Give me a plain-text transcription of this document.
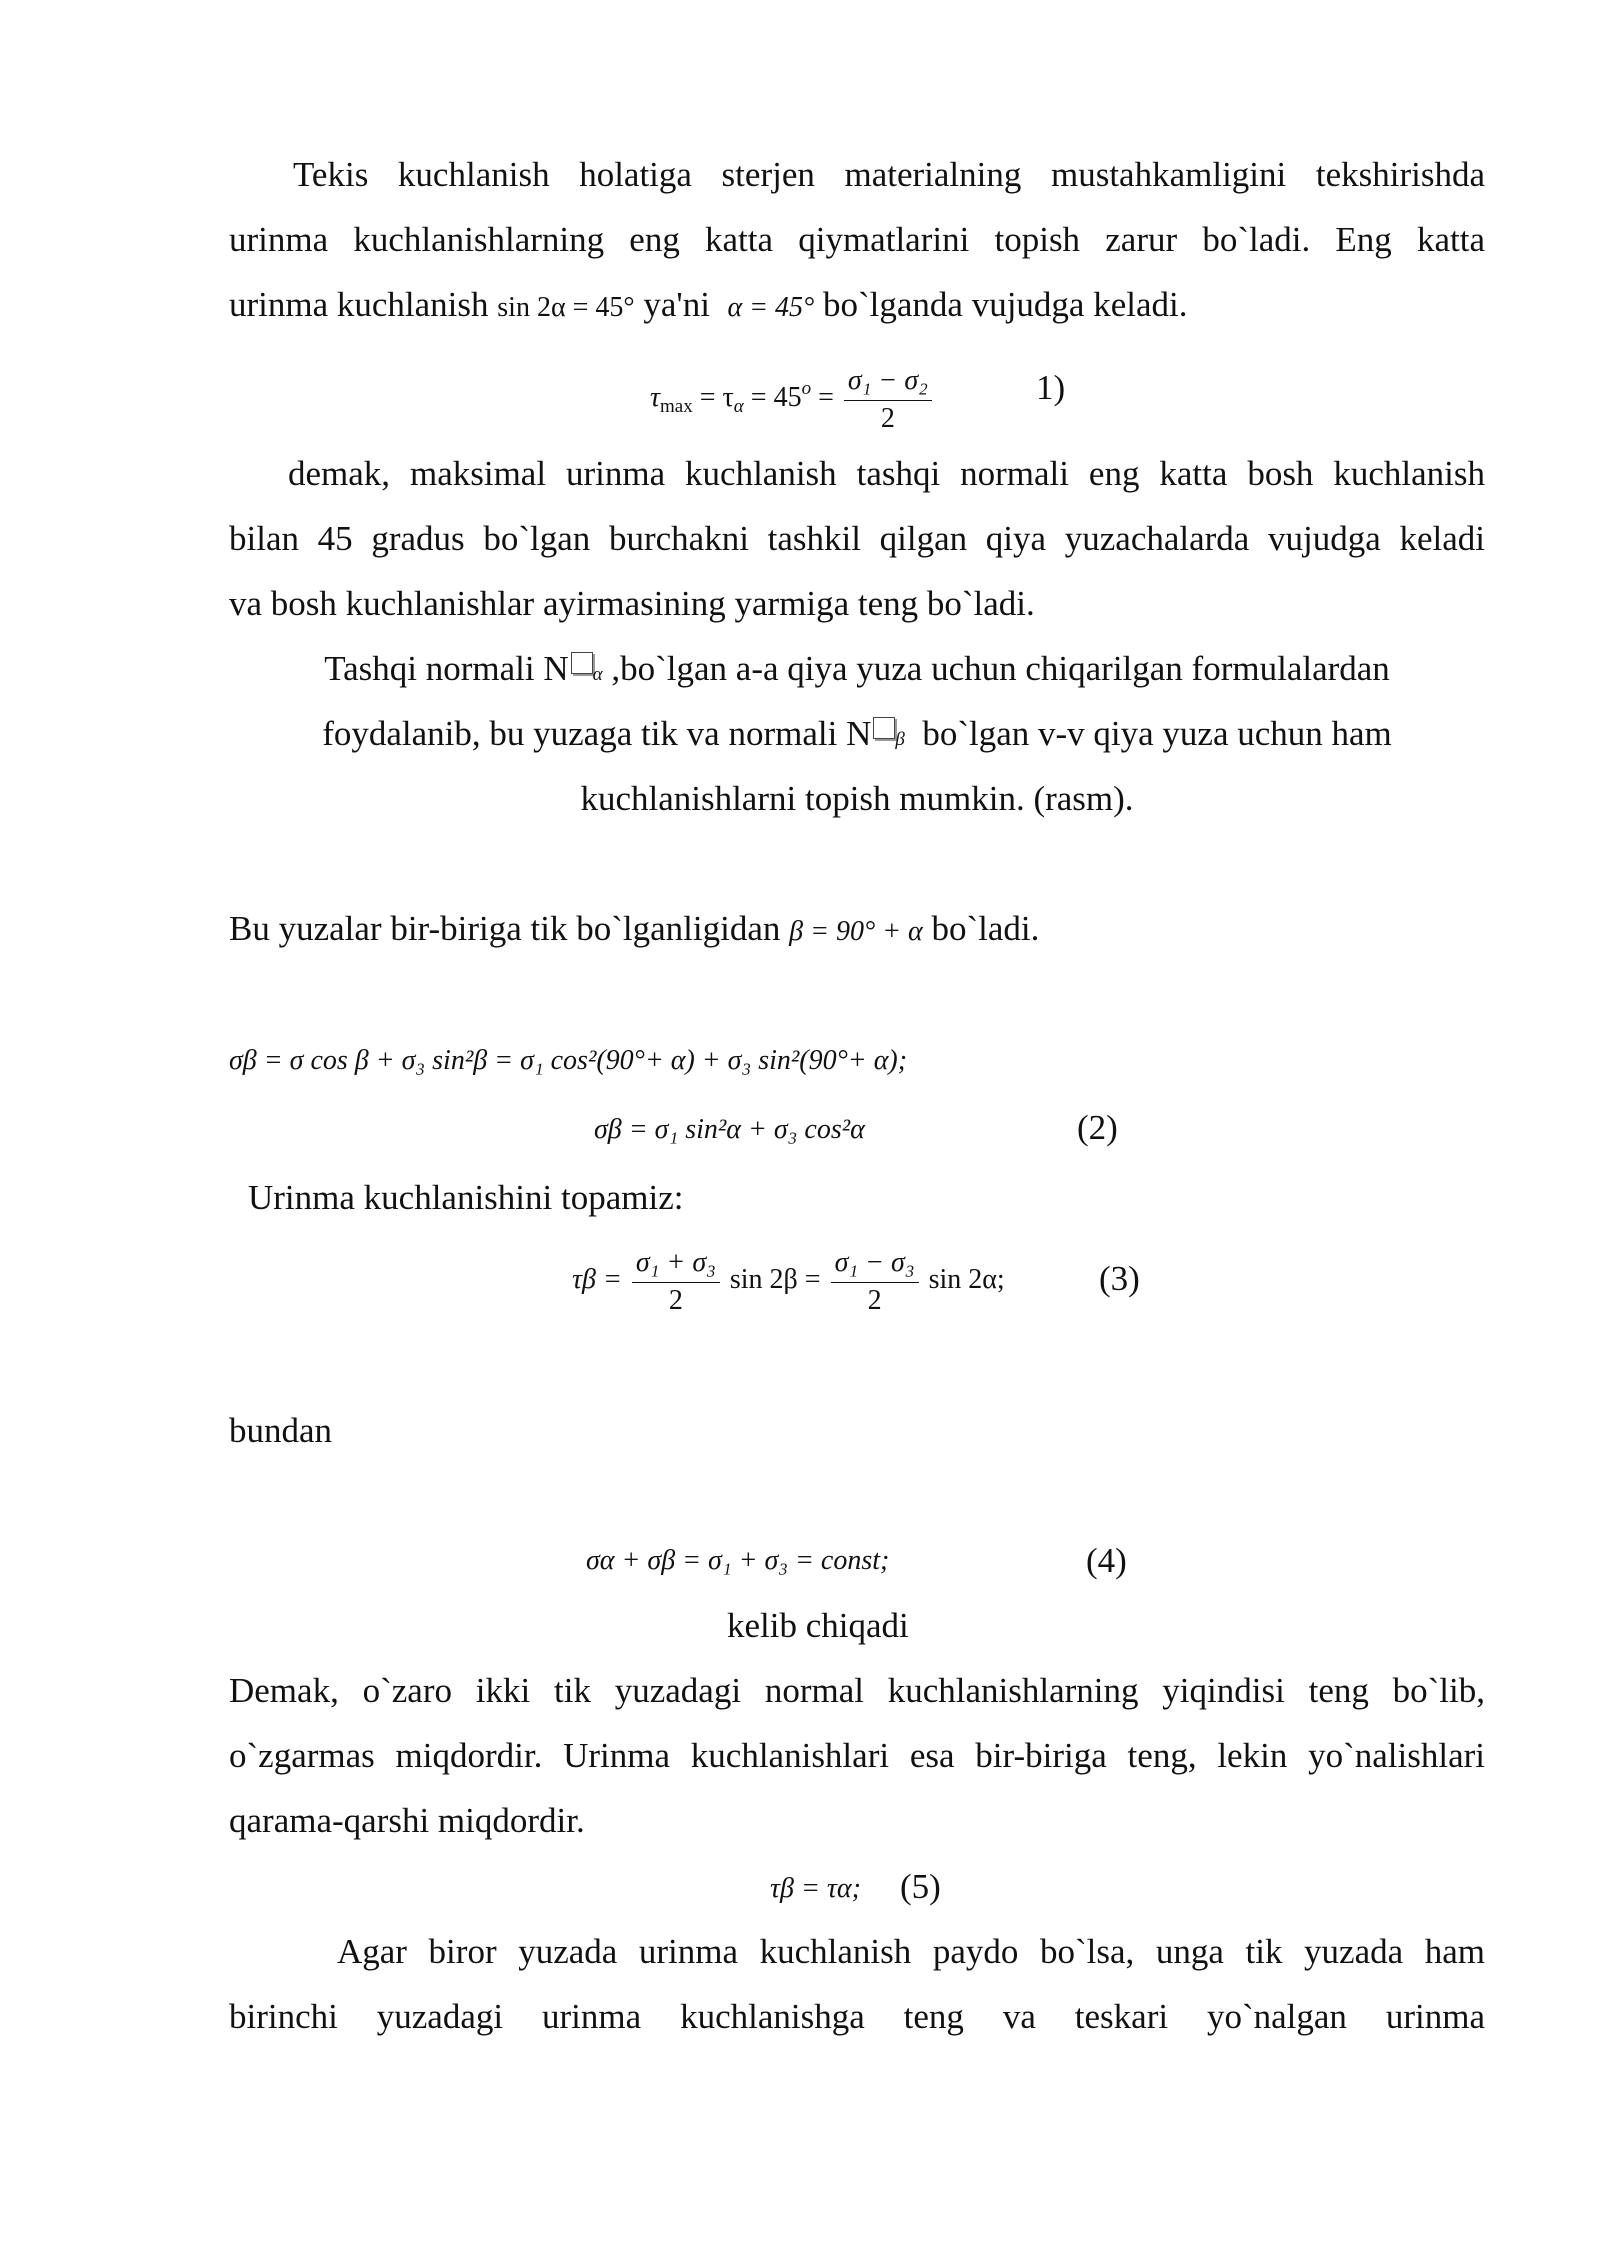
Tekis kuchlanish holatiga sterjen materialning mustahkamligini tekshirishda
urinma kuchlanishlarning eng katta qiymatlarini topish zarur bo`ladi. Eng katta
urinma kuchlanish sin 2α = 45° ya'ni α = 45° bo`lganda vujudga keladi.
$\tau_{max} = \tau_\alpha = 45^o = \frac{\text{σ₁ − σ₂}}{2}$	1)
demak, maksimal urinma kuchlanish tashqi normali eng katta bosh kuchlanish
bilan 45 gradus bo`lgan burchakni tashkil qilgan qiya yuzachalarda vujudga keladi
va bosh kuchlanishlar ayirmasining yarmiga teng bo`ladi.
Tashqi normali N α ,bo`lgan a-a qiya yuza uchun chiqarilgan formulalardan
foydalanib, bu yuzaga tik va normali N β bo`lgan v-v qiya yuza uchun ham
kuchlanishlarni topish mumkin. (rasm).
Bu yuzalar bir-biriga tik bo`lganligidan β = 90° + α bo`ladi.
σβ = σ cos β + σ₃ sin²β = σ₁ cos²(90°+ α) + σ₃ sin²(90°+ α);
σβ = σ₁ sin²α + σ₃ cos²α	(2)
Urinma kuchlanishini topamiz:
$\tau\beta = \frac{\text{σ₁ + σ₃}}{2}$ $\sin 2\beta = \frac{\text{σ₁ − σ₃}}{2}$ sin 2α;	(3)
bundan
σα + σβ = σ₁ + σ₃ = const;	(4)
kelib chiqadi
Demak, o`zaro ikki tik yuzadagi normal kuchlanishlarning yiqindisi teng bo`lib,
o`zgarmas miqdordir. Urinma kuchlanishlari esa bir-biriga teng, lekin yo`nalishlari
qarama-qarshi miqdordir.
τβ = τα; (5)
Agar biror yuzada urinma kuchlanish paydo bo`lsa, unga tik yuzada ham
birinchi yuzadagi urinma kuchlanishga teng va teskari yo`nalgan urinma
